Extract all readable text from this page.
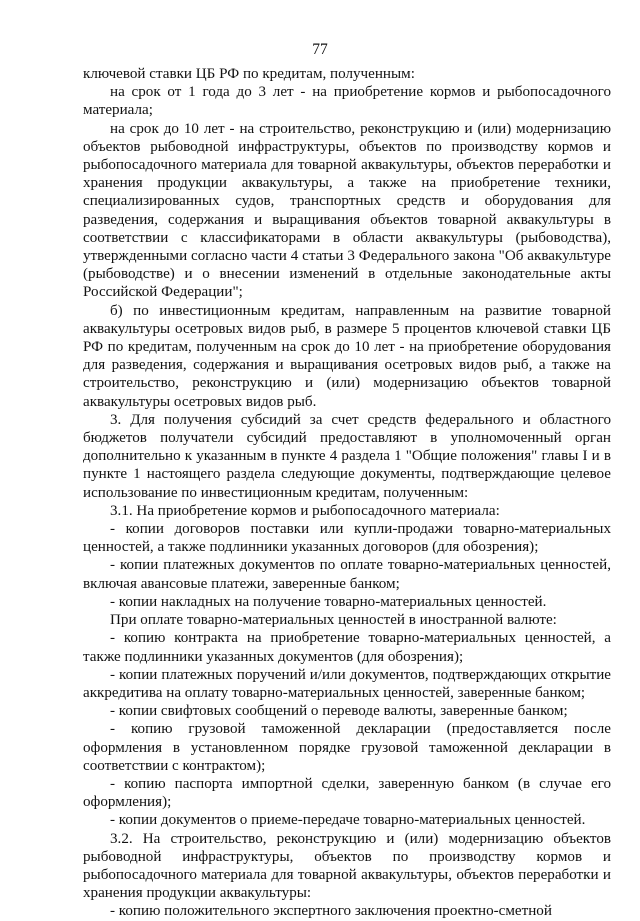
77

ключевой ставки ЦБ РФ по кредитам, полученным:

на срок от 1 года до 3 лет - на приобретение кормов и рыбопосадочного материала;

на срок до 10 лет - на строительство, реконструкцию и (или) модернизацию объектов рыбоводной инфраструктуры, объектов по производству кормов и рыбопосадочного материала для товарной аквакультуры, объектов переработки и хранения продукции аквакультуры, а также на приобретение техники, специализированных судов, транспортных средств и оборудования для разведения, содержания и выращивания объектов товарной аквакультуры в соответствии с классификаторами в области аквакультуры (рыбоводства), утвержденными согласно части 4 статьи 3 Федерального закона "Об аквакультуре (рыбоводстве) и о внесении изменений в отдельные законодательные акты Российской Федерации";

б) по инвестиционным кредитам, направленным на развитие товарной аквакультуры осетровых видов рыб, в размере 5 процентов ключевой ставки ЦБ РФ по кредитам, полученным на срок до 10 лет - на приобретение оборудования для разведения, содержания и выращивания осетровых видов рыб, а также на строительство, реконструкцию и (или) модернизацию объектов товарной аквакультуры осетровых видов рыб.

3. Для получения субсидий за счет средств федерального и областного бюджетов получатели субсидий предоставляют в уполномоченный орган дополнительно к указанным в пункте 4 раздела 1 "Общие положения" главы I и в пункте 1 настоящего раздела следующие документы, подтверждающие целевое использование по инвестиционным кредитам, полученным:

3.1. На приобретение кормов и рыбопосадочного материала:

- копии договоров поставки или купли-продажи товарно-материальных ценностей, а также подлинники указанных договоров (для обозрения);

- копии платежных документов по оплате товарно-материальных ценностей, включая авансовые платежи, заверенные банком;

- копии накладных на получение товарно-материальных ценностей.

При оплате товарно-материальных ценностей в иностранной валюте:

- копию контракта на приобретение товарно-материальных ценностей, а также подлинники указанных документов (для обозрения);

- копии платежных поручений и/или документов, подтверждающих открытие аккредитива на оплату товарно-материальных ценностей, заверенные банком;

- копии свифтовых сообщений о переводе валюты, заверенные банком;

- копию грузовой таможенной декларации (предоставляется после оформления в установленном порядке грузовой таможенной декларации в соответствии с контрактом);

- копию паспорта импортной сделки, заверенную банком (в случае его оформления);

- копии документов о приеме-передаче товарно-материальных ценностей.

3.2. На строительство, реконструкцию и (или) модернизацию объектов рыбоводной инфраструктуры, объектов по производству кормов и рыбопосадочного материала для товарной аквакультуры, объектов переработки и хранения продукции аквакультуры:

- копию положительного экспертного заключения проектно-сметной
